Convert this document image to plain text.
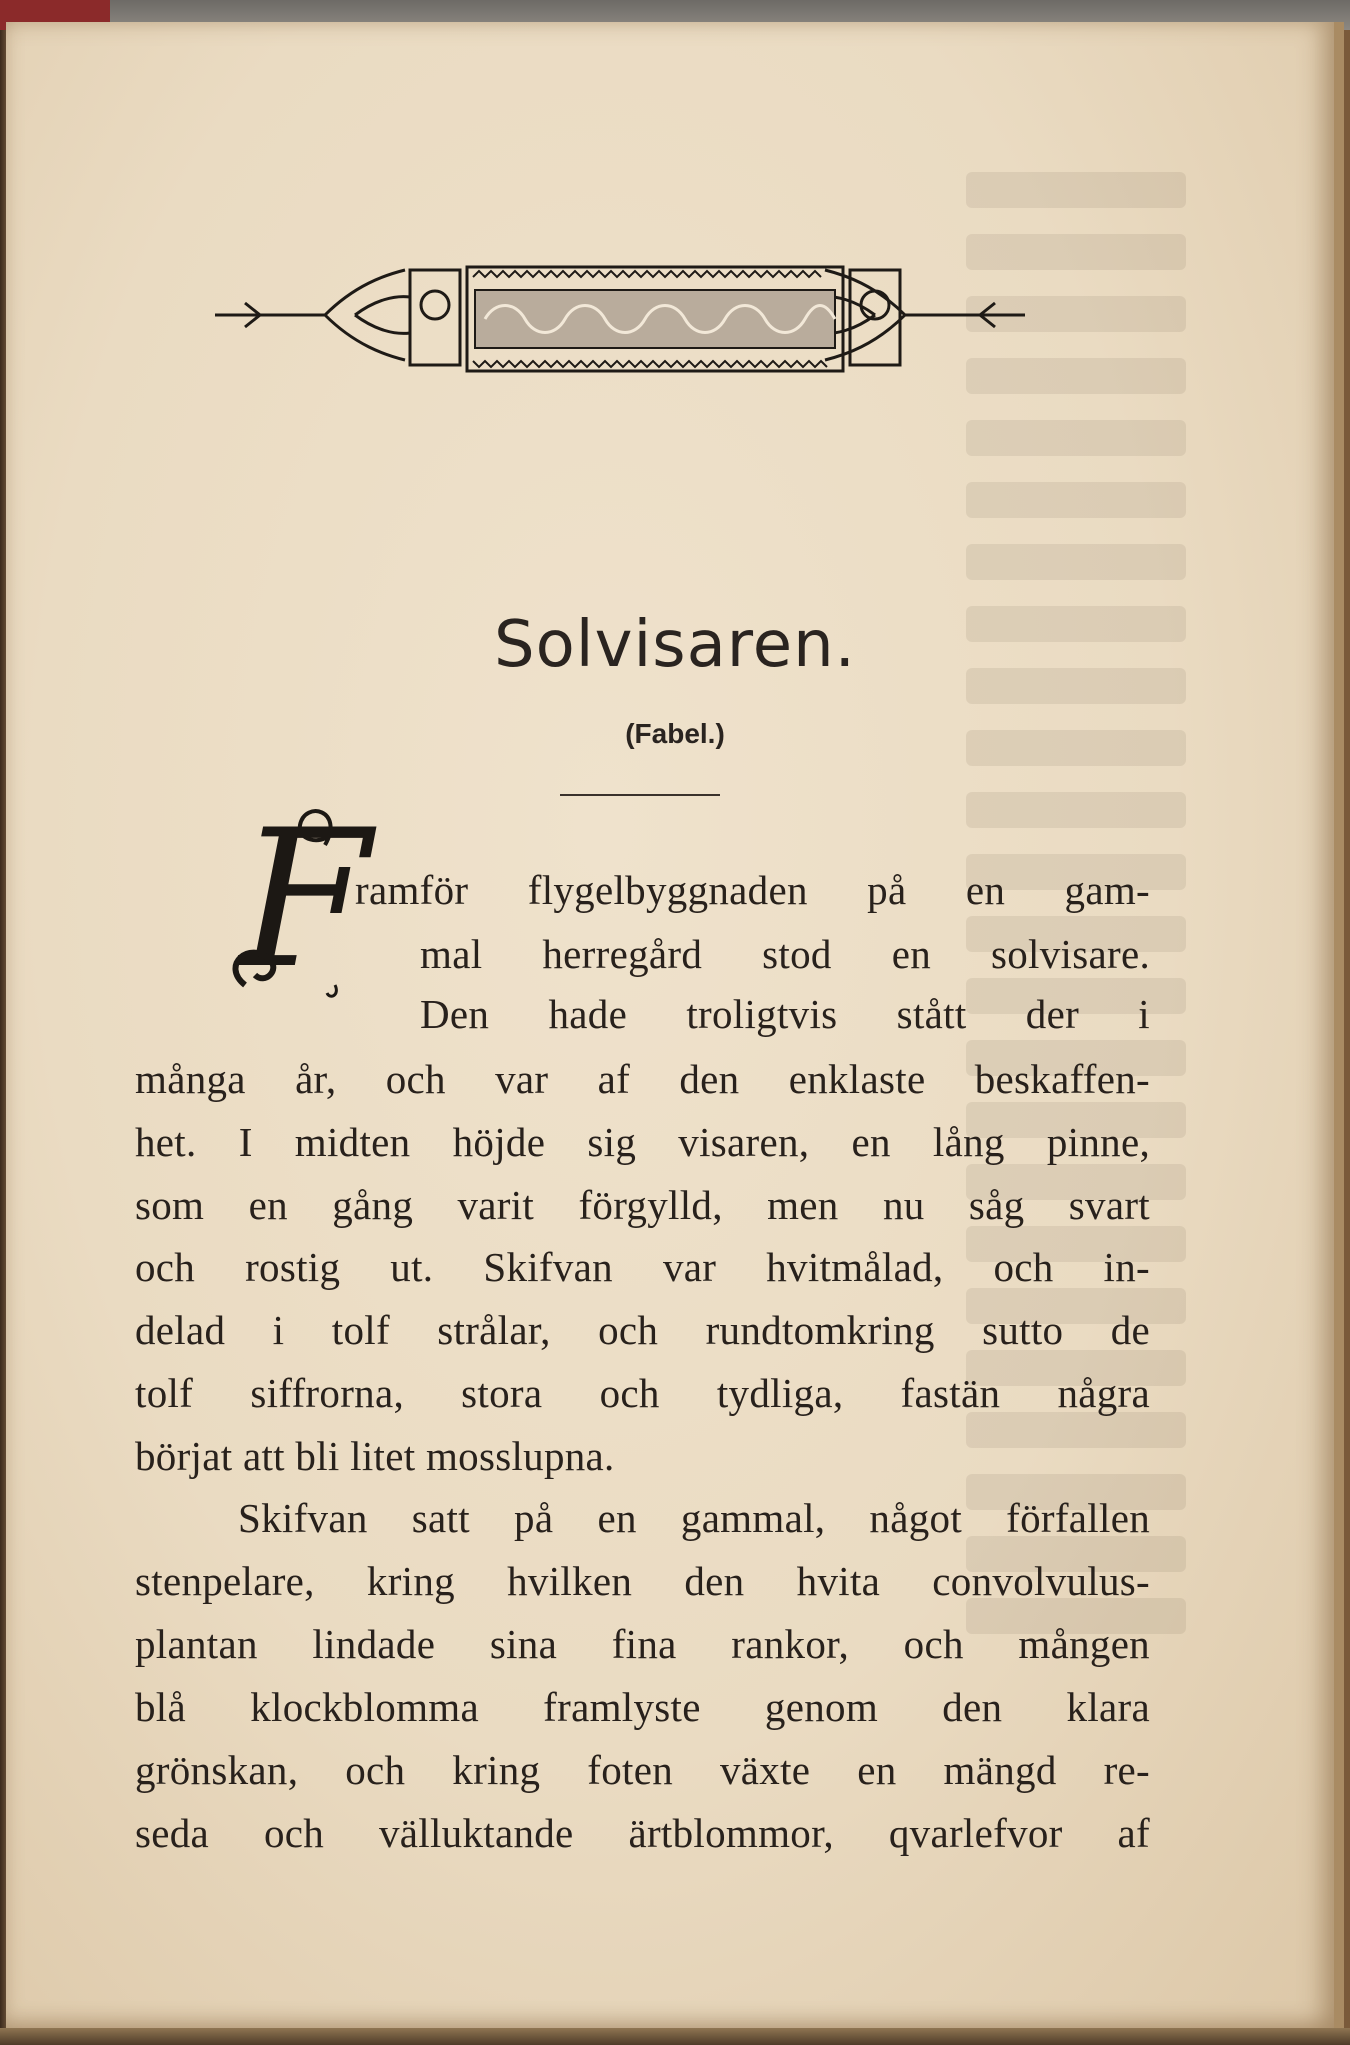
Solvisaren.
(Fabel.)
F
ramför flygelbyggnaden på en gam-
mal herregård stod en solvisare.
Den hade troligtvis stått der i
många år, och var af den enklaste beskaffen-
het. I midten höjde sig visaren, en lång pinne,
som en gång varit förgylld, men nu såg svart
och rostig ut. Skifvan var hvitmålad, och in-
delad i tolf strålar, och rundtomkring sutto de
tolf siffrorna, stora och tydliga, fastän några
börjat att bli litet mosslupna.
Skifvan satt på en gammal, något förfallen
stenpelare, kring hvilken den hvita convolvulus-
plantan lindade sina fina rankor, och mången
blå klockblomma framlyste genom den klara
grönskan, och kring foten växte en mängd re-
seda och välluktande ärtblommor, qvarlefvor af
